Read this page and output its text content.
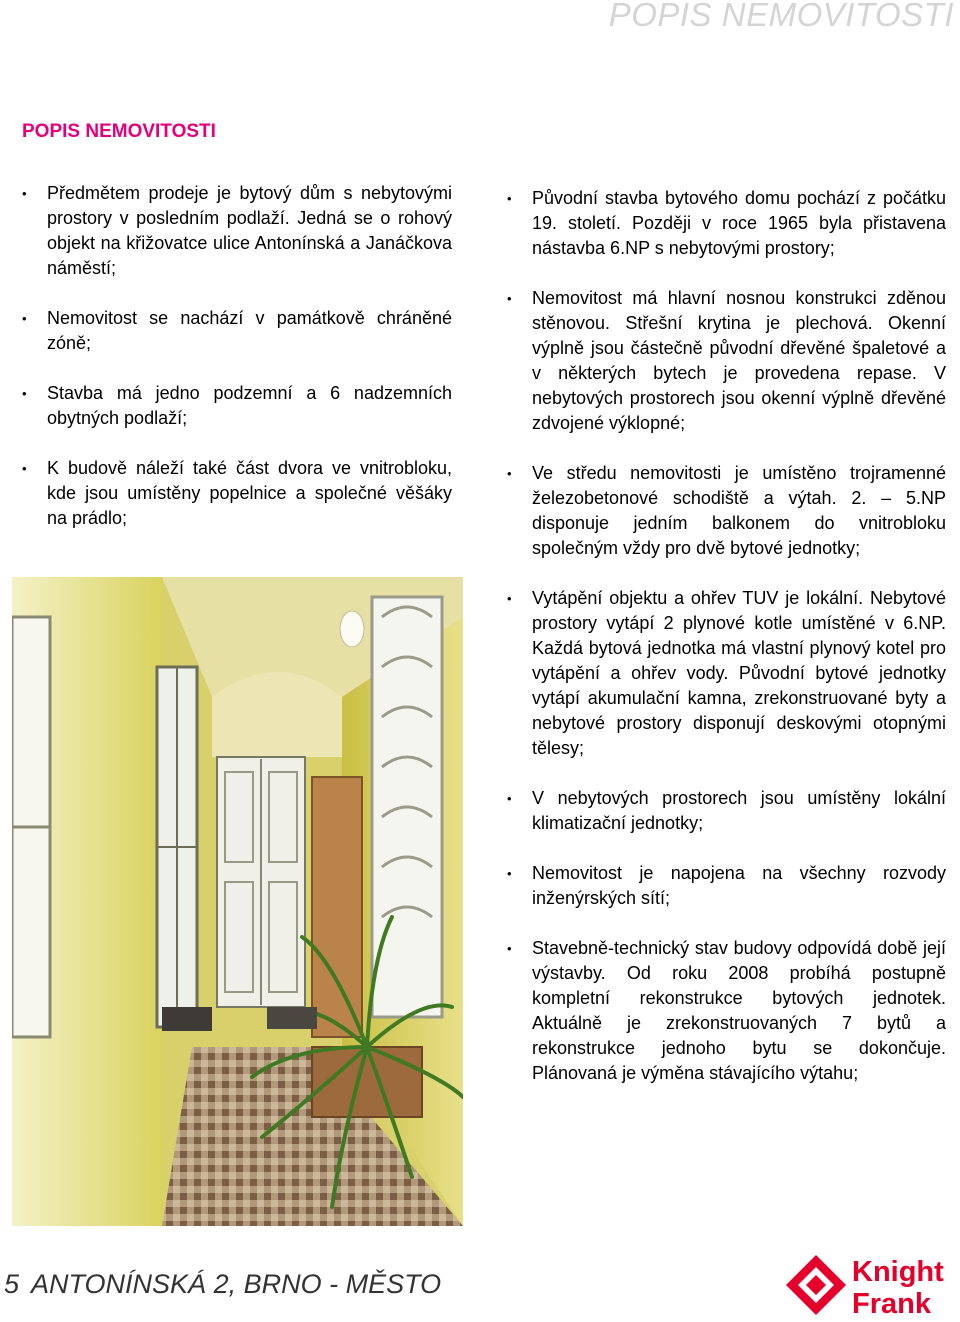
POPIS NEMOVITOSTI
POPIS NEMOVITOSTI
• Předmětem prodeje je bytový dům s nebytovými prostory v posledním podlaží. Jedná se o rohový objekt na křižovatce ulice Antonínská a Janáčkova náměstí;
• Nemovitost se nachází v památkově chráněné zóně;
• Stavba má jedno podzemní a 6 nadzemních obytných podlaží;
• K budově náleží také část dvora ve vnitrobloku, kde jsou umístěny popelnice a společné věšáky na prádlo;
• Původní stavba bytového domu pochází z počátku 19. století. Později v roce 1965 byla přistavena nástavba 6.NP s nebytovými prostory;
• Nemovitost má hlavní nosnou konstrukci zděnou stěnovou. Střešní krytina je plechová. Okenní výplně jsou částečně původní dřevěné špaletové a v některých bytech je provedena repase. V nebytových prostorech jsou okenní výplně dřevěné zdvojené výklopné;
• Ve středu nemovitosti je umístěno trojramenné železobetonové schodiště a výtah. 2. – 5.NP disponuje jedním balkonem do vnitrobloku společným vždy pro dvě bytové jednotky;
• Vytápění objektu a ohřev TUV je lokální. Nebytové prostory vytápí 2 plynové kotle umístěné v 6.NP. Každá bytová jednotka má vlastní plynový kotel pro vytápění a ohřev vody. Původní bytové jednotky vytápí akumulační kamna, zrekonstruované byty a nebytové prostory disponují deskovými otopnými tělesy;
• V nebytových prostorech jsou umístěny lokální klimatizační jednotky;
• Nemovitost je napojena na všechny rozvody inženýrských sítí;
• Stavebně-technický stav budovy odpovídá době její výstavby. Od roku 2008 probíhá postupně kompletní rekonstrukce bytových jednotek. Aktuálně je zrekonstruovaných 7 bytů a rekonstrukce jednoho bytu se dokončuje. Plánovaná je výměna stávajícího výtahu;
5 ANTONÍNSKÁ 2, BRNO - MĚSTO	Knight
Frank
